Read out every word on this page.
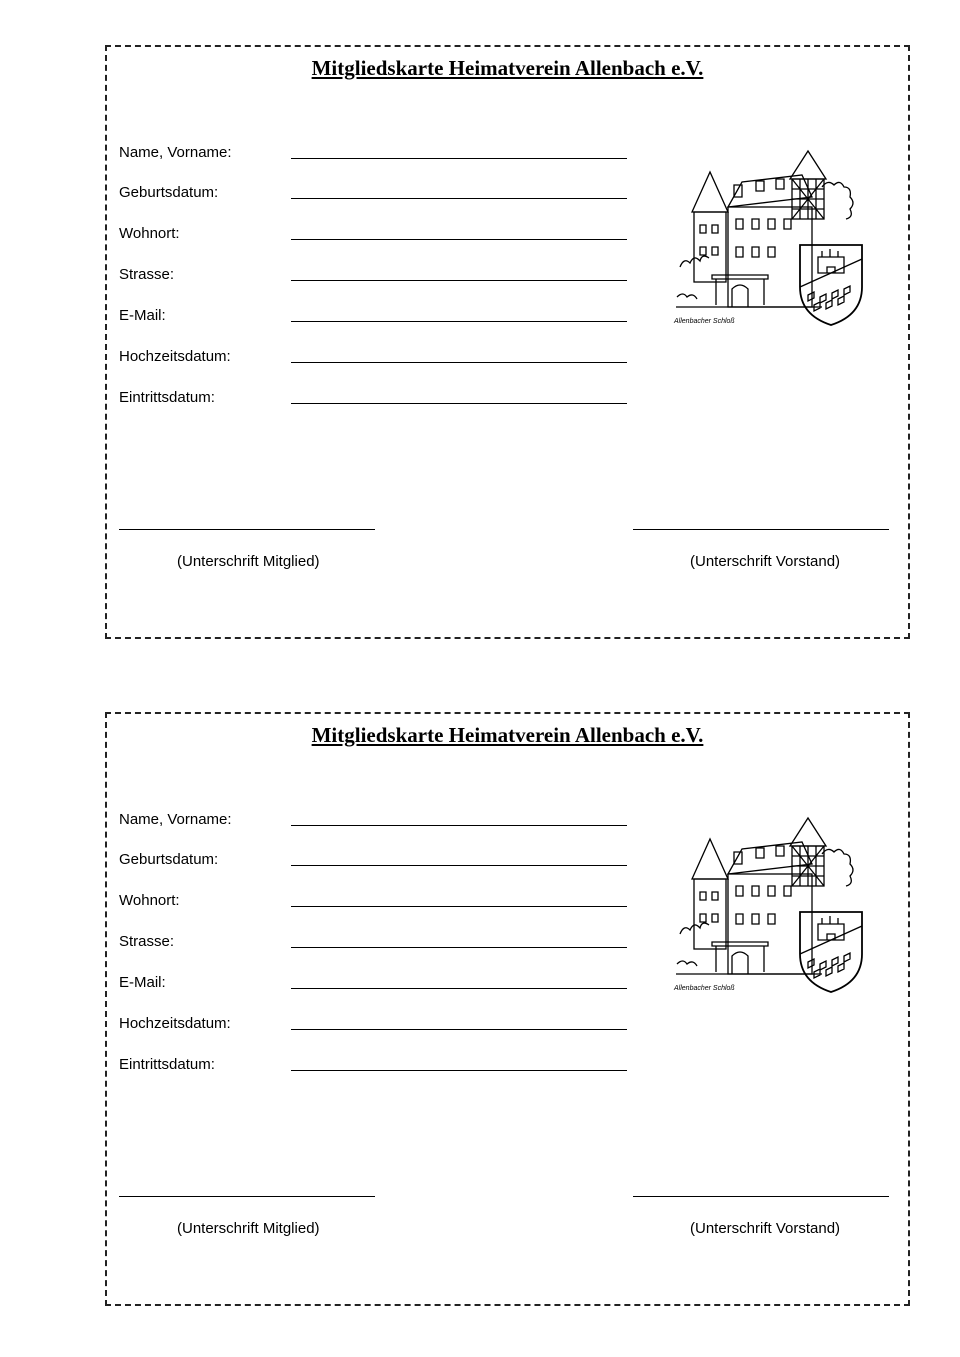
Mitgliedskarte Heimatverein Allenbach e.V.
Name, Vorname:
Geburtsdatum:
Wohnort:
Strasse:
E-Mail:
Hochzeitsdatum:
Eintrittsdatum:
Allenbacher Schloß
(Unterschrift Mitglied)	(Unterschrift Vorstand)
Mitgliedskarte Heimatverein Allenbach e.V.
Name, Vorname:
Geburtsdatum:
Wohnort:
Strasse:
E-Mail:
Hochzeitsdatum:
Eintrittsdatum:
Allenbacher Schloß
(Unterschrift Mitglied)	(Unterschrift Vorstand)
